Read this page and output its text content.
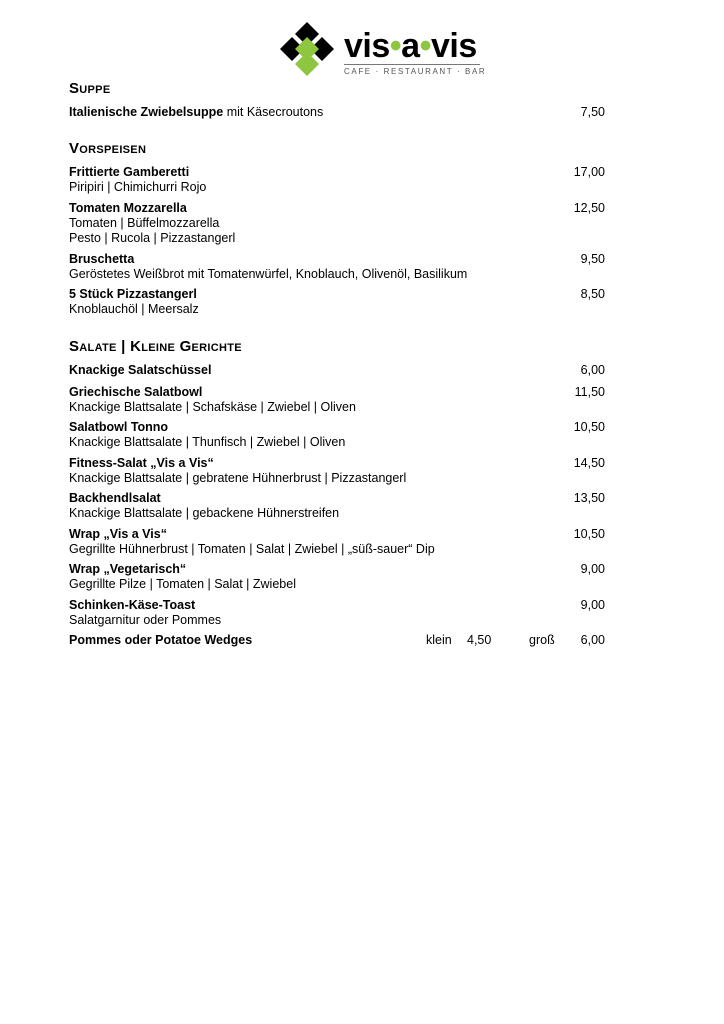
vis•a•vis
CAFE · RESTAURANT · BAR
Suppe
Italienische Zwiebelsuppe mit Käsecroutons	7,50
Vorspeisen
Frittierte Gamberetti	17,00
Piripiri | Chimichurri Rojo
Tomaten Mozzarella	12,50
Tomaten | Büffelmozzarella
Pesto | Rucola | Pizzastangerl
Bruschetta	9,50
Geröstetes Weißbrot mit Tomatenwürfel, Knoblauch, Olivenöl, Basilikum
5 Stück Pizzastangerl	8,50
Knoblauchöl | Meersalz
Salate | Kleine Gerichte
Knackige Salatschüssel	6,00
Griechische Salatbowl	11,50
Knackige Blattsalate | Schafskäse | Zwiebel | Oliven
Salatbowl Tonno	10,50
Knackige Blattsalate | Thunfisch | Zwiebel | Oliven
Fitness-Salat „Vis a Vis“	14,50
Knackige Blattsalate | gebratene Hühnerbrust | Pizzastangerl
Backhendlsalat	13,50
Knackige Blattsalate | gebackene Hühnerstreifen
Wrap „Vis a Vis“	10,50
Gegrillte Hühnerbrust | Tomaten | Salat | Zwiebel | „süß-sauer“ Dip
Wrap „Vegetarisch“	9,00
Gegrillte Pilze | Tomaten | Salat | Zwiebel
Schinken-Käse-Toast	9,00
Salatgarnitur oder Pommes
Pommes oder Potatoe Wedges	klein 4,50	groß 6,00
